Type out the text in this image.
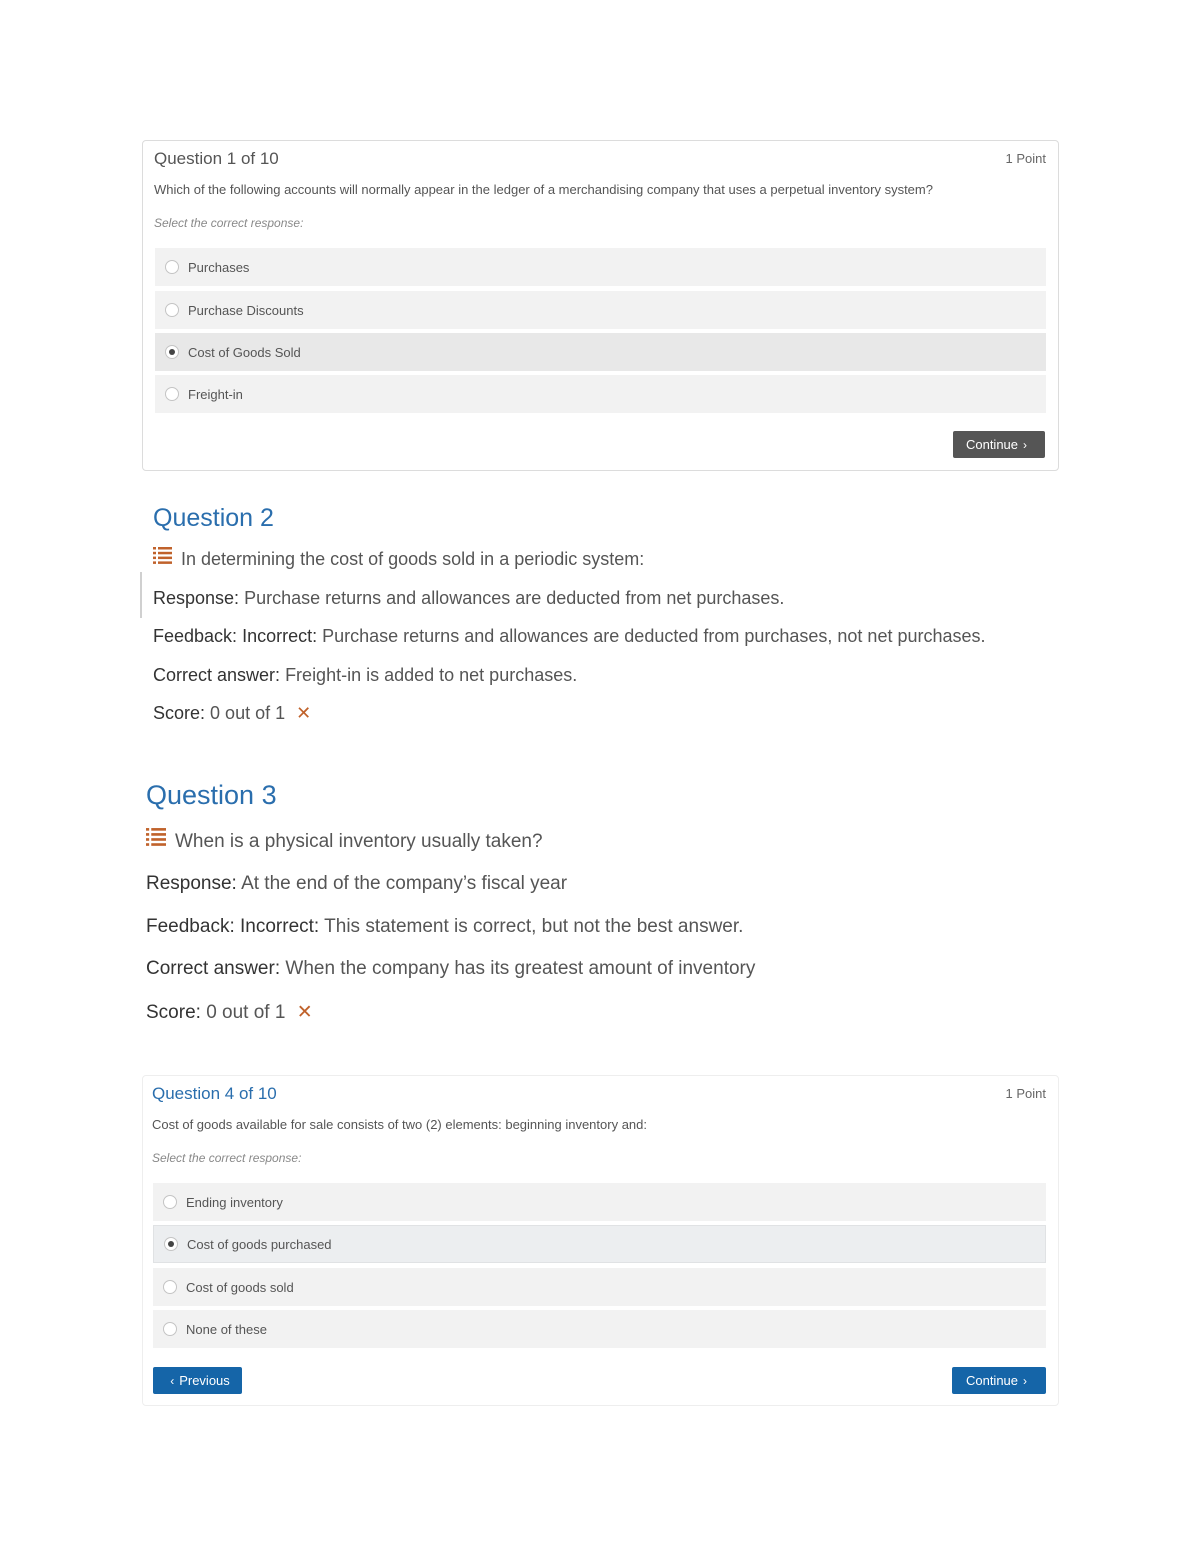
Question 1 of 10	1 Point
Which of the following accounts will normally appear in the ledger of a merchandising company that uses a perpetual inventory system?
Select the correct response:
Purchases
Purchase Discounts
Cost of Goods Sold
Freight-in
Continue ›
Question 2
In determining the cost of goods sold in a periodic system:
Response: Purchase returns and allowances are deducted from net purchases.
Feedback: Incorrect: Purchase returns and allowances are deducted from purchases, not net purchases.
Correct answer: Freight-in is added to net purchases.
Score: 0 out of 1 ✕
Question 3
When is a physical inventory usually taken?
Response: At the end of the company’s fiscal year
Feedback: Incorrect: This statement is correct, but not the best answer.
Correct answer: When the company has its greatest amount of inventory
Score: 0 out of 1 ✕
Question 4 of 10	1 Point
Cost of goods available for sale consists of two (2) elements: beginning inventory and:
Select the correct response:
Ending inventory
Cost of goods purchased
Cost of goods sold
None of these
‹ Previous	Continue ›
